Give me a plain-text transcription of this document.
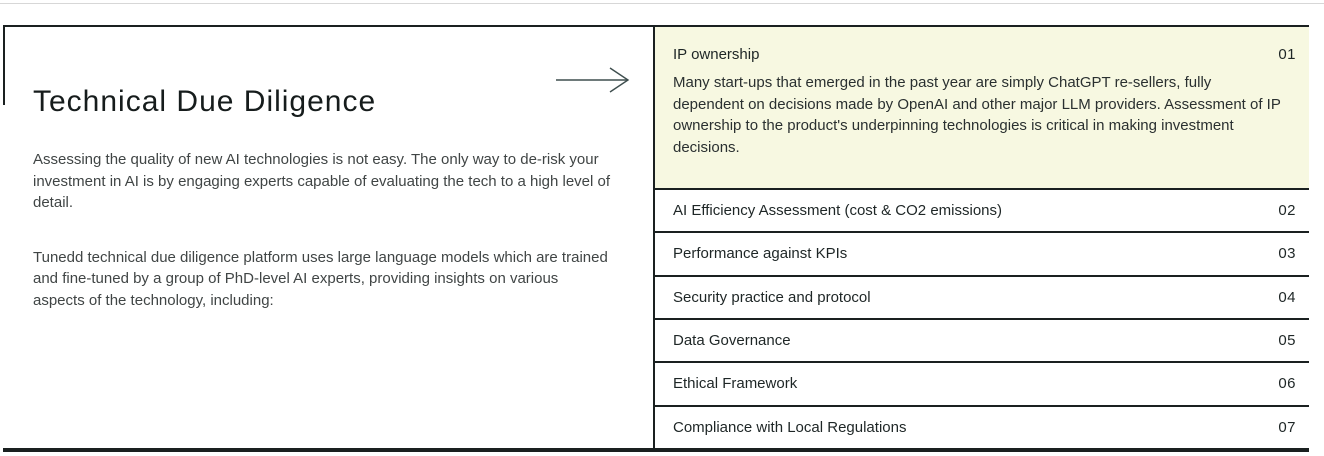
Technical Due Diligence

Assessing the quality of new AI technologies is not easy. The only way to de-risk your investment in AI is by engaging experts capable of evaluating the tech to a high level of detail.

Tunedd technical due diligence platform uses large language models which are trained and fine-tuned by a group of PhD-level AI experts, providing insights on various aspects of the technology, including:

IP ownership	01

Many start-ups that emerged in the past year are simply ChatGPT re-sellers, fully dependent on decisions made by OpenAI and other major LLM providers. Assessment of IP ownership to the product's underpinning technologies is critical in making investment decisions.

AI Efficiency Assessment (cost & CO2 emissions)	02
Performance against KPIs	03
Security practice and protocol	04
Data Governance	05
Ethical Framework	06
Compliance with Local Regulations	07
